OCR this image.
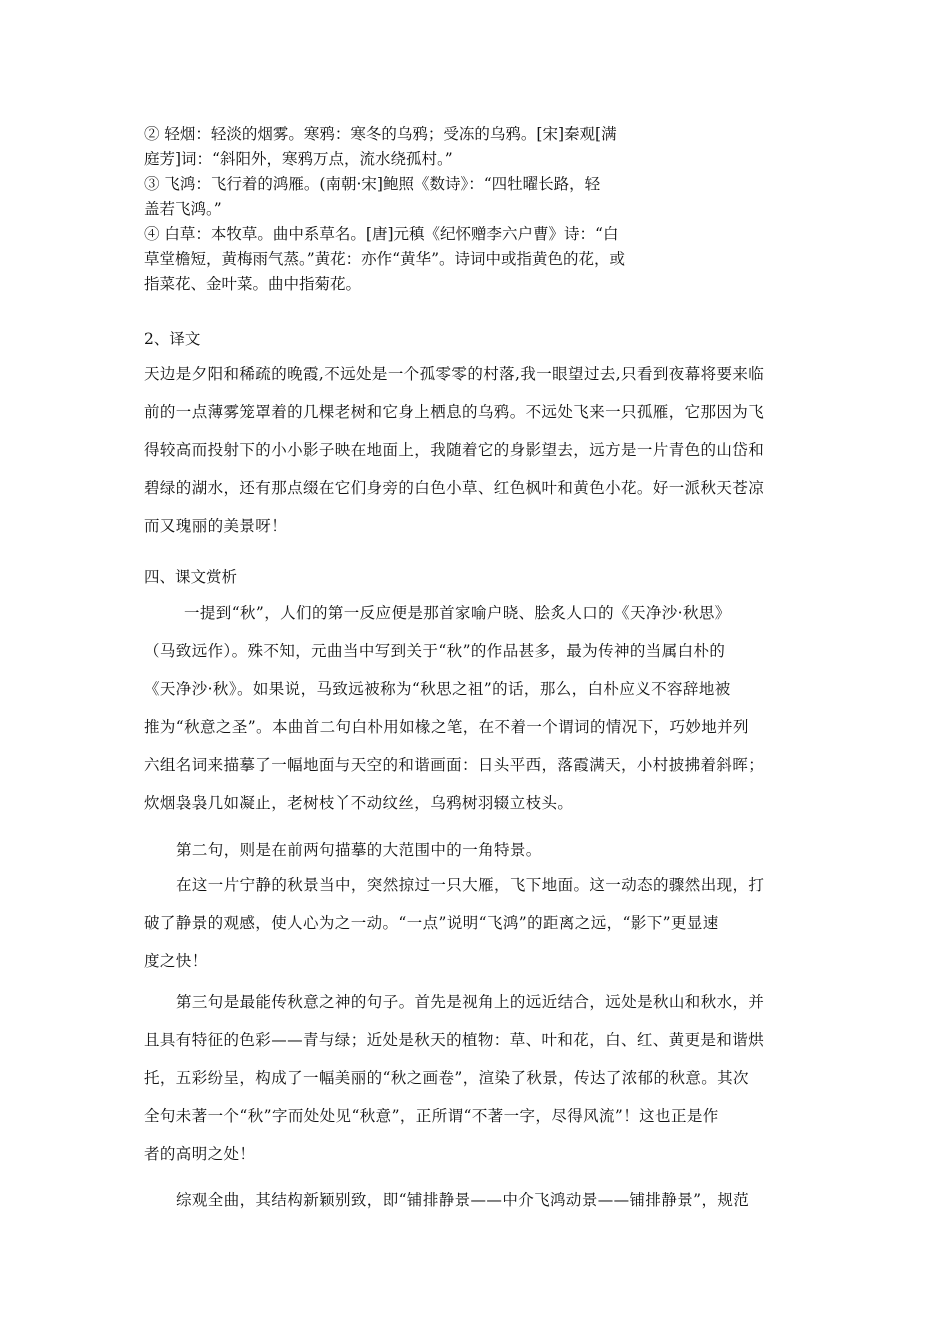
② 轻烟：轻淡的烟雾。寒鸦：寒冬的乌鸦；受冻的乌鸦。[宋]秦观[满

庭芳]词：“斜阳外，寒鸦万点，流水绕孤村。”

③ 飞鸿：飞行着的鸿雁。(南朝·宋]鲍照《数诗》：“四牡曜长路，轻

盖若飞鸿。”

④ 白草：本牧草。曲中系草名。[唐]元稹《纪怀赠李六户曹》诗：“白

草堂檐短，黄梅雨气蒸。”黄花：亦作“黄华”。诗词中或指黄色的花，或

指菜花、金叶菜。曲中指菊花。

2、译文

天边是夕阳和稀疏的晚霞,不远处是一个孤零零的村落,我一眼望过去,只看到夜幕将要来临

前的一点薄雾笼罩着的几棵老树和它身上栖息的乌鸦。不远处飞来一只孤雁，它那因为飞

得较高而投射下的小小影子映在地面上，我随着它的身影望去，远方是一片青色的山岱和

碧绿的湖水，还有那点缀在它们身旁的白色小草、红色枫叶和黄色小花。好一派秋天苍凉

而又瑰丽的美景呀！

四、课文赏析

一提到“秋”，人们的第一反应便是那首家喻户晓、脍炙人口的《天净沙·秋思》

（马致远作）。殊不知，元曲当中写到关于“秋”的作品甚多，最为传神的当属白朴的

《天净沙·秋》。如果说，马致远被称为“秋思之祖”的话，那么，白朴应义不容辞地被

推为“秋意之圣”。本曲首二句白朴用如椽之笔，在不着一个谓词的情况下，巧妙地并列

六组名词来描摹了一幅地面与天空的和谐画面：日头平西，落霞满天，小村披拂着斜晖；

炊烟袅袅几如凝止，老树枝丫不动纹丝，乌鸦树羽辍立枝头。

第二句，则是在前两句描摹的大范围中的一角特景。

在这一片宁静的秋景当中，突然掠过一只大雁，飞下地面。这一动态的骤然出现，打

破了静景的观感，使人心为之一动。“一点”说明“飞鸿”的距离之远，“影下”更显速

度之快！

第三句是最能传秋意之神的句子。首先是视角上的远近结合，远处是秋山和秋水，并

且具有特征的色彩——青与绿；近处是秋天的植物：草、叶和花，白、红、黄更是和谐烘

托，五彩纷呈，构成了一幅美丽的“秋之画卷”，渲染了秋景，传达了浓郁的秋意。其次

全句未著一个“秋”字而处处见“秋意”，正所谓“不著一字，尽得风流”！这也正是作

者的高明之处！

综观全曲，其结构新颖别致，即“铺排静景——中介飞鸿动景——铺排静景”，规范
